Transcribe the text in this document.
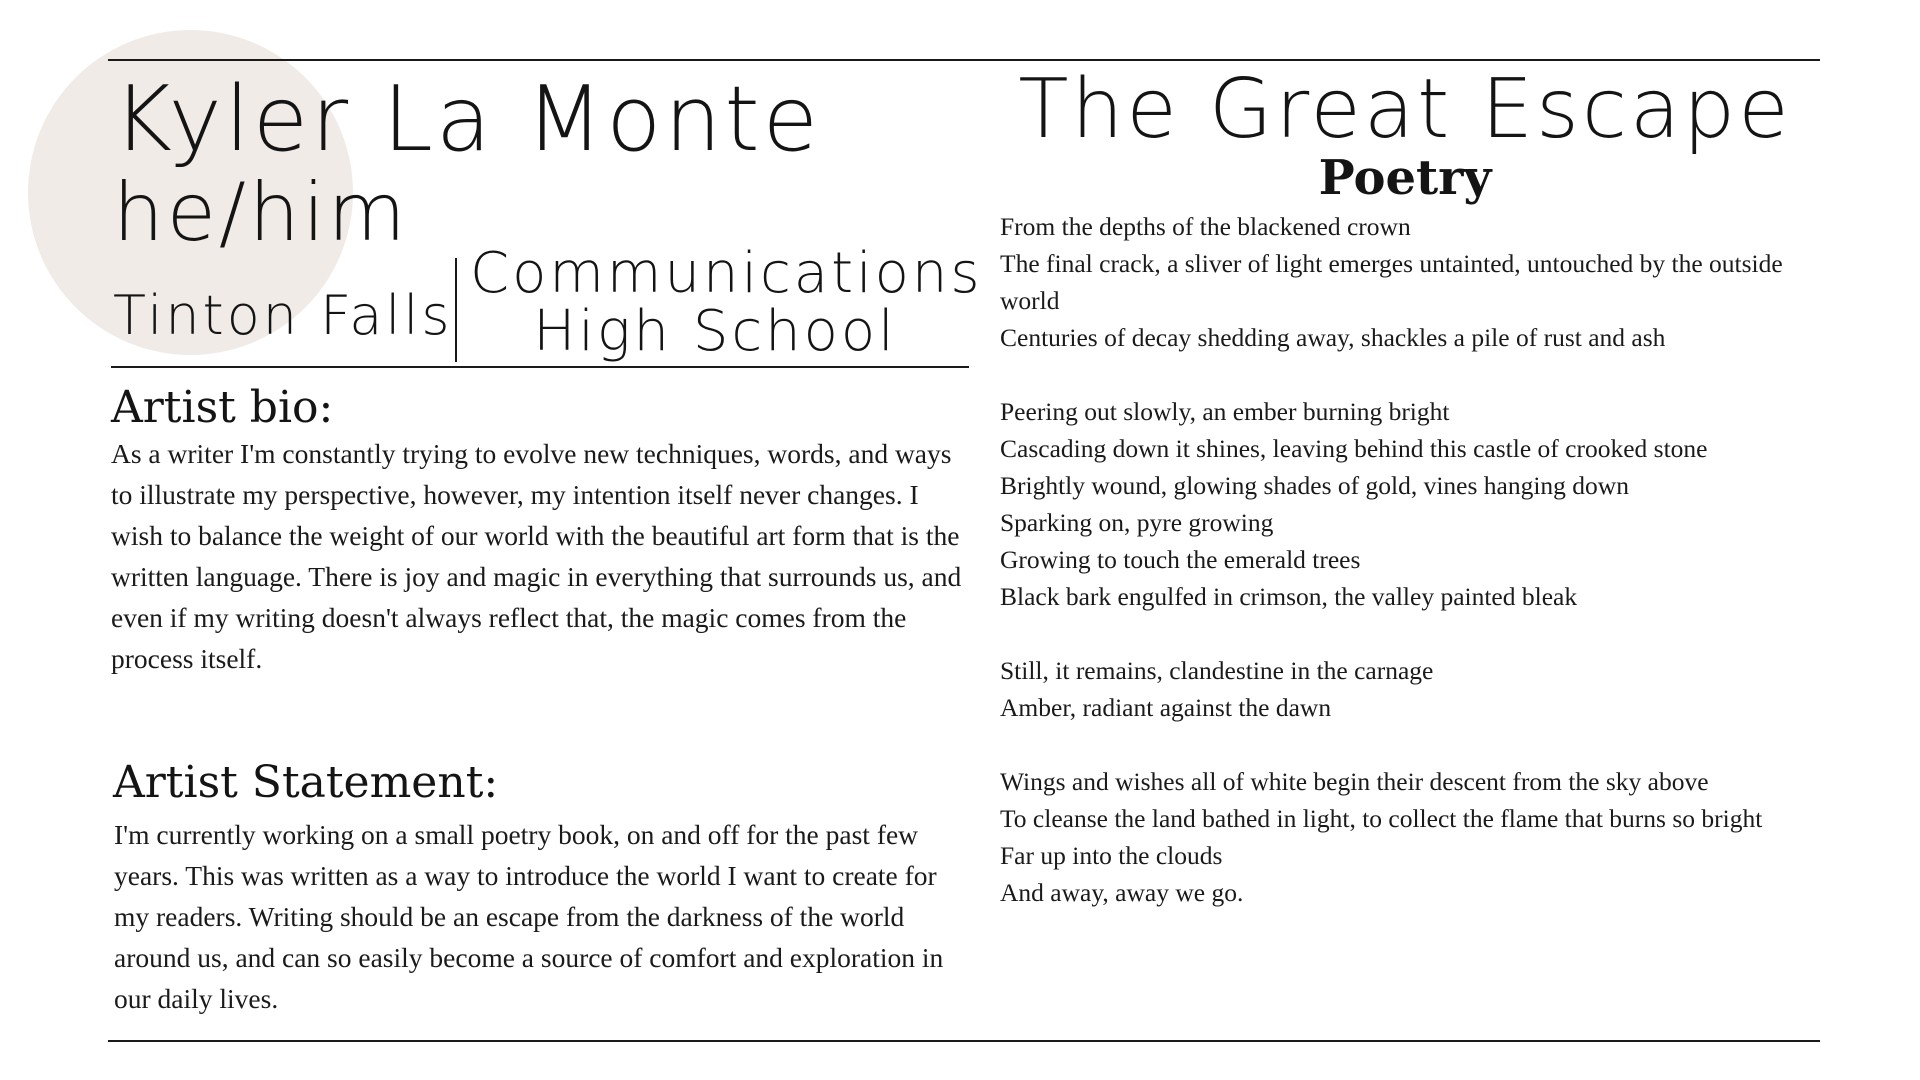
Kyler La Monte
he/him
Tinton Falls
Communications High School
Artist bio:

As a writer I'm constantly trying to evolve new techniques, words, and ways to illustrate my perspective, however, my intention itself never changes. I wish to balance the weight of our world with the beautiful art form that is the written language. There is joy and magic in everything that surrounds us, and even if my writing doesn't always reflect that, the magic comes from the process itself.

Artist Statement:

I'm currently working on a small poetry book, on and off for the past few years. This was written as a way to introduce the world I want to create for my readers. Writing should be an escape from the darkness of the world around us, and can so easily become a source of comfort and exploration in our daily lives.

The Great Escape
Poetry
From the depths of the blackened crown
The final crack, a sliver of light emerges untainted, untouched by the outside world
Centuries of decay shedding away, shackles a pile of rust and ash
Peering out slowly, an ember burning bright
Cascading down it shines, leaving behind this castle of crooked stone
Brightly wound, glowing shades of gold, vines hanging down
Sparking on, pyre growing
Growing to touch the emerald trees
Black bark engulfed in crimson, the valley painted bleak
Still, it remains, clandestine in the carnage
Amber, radiant against the dawn
Wings and wishes all of white begin their descent from the sky above
To cleanse the land bathed in light, to collect the flame that burns so bright
Far up into the clouds
And away, away we go.
